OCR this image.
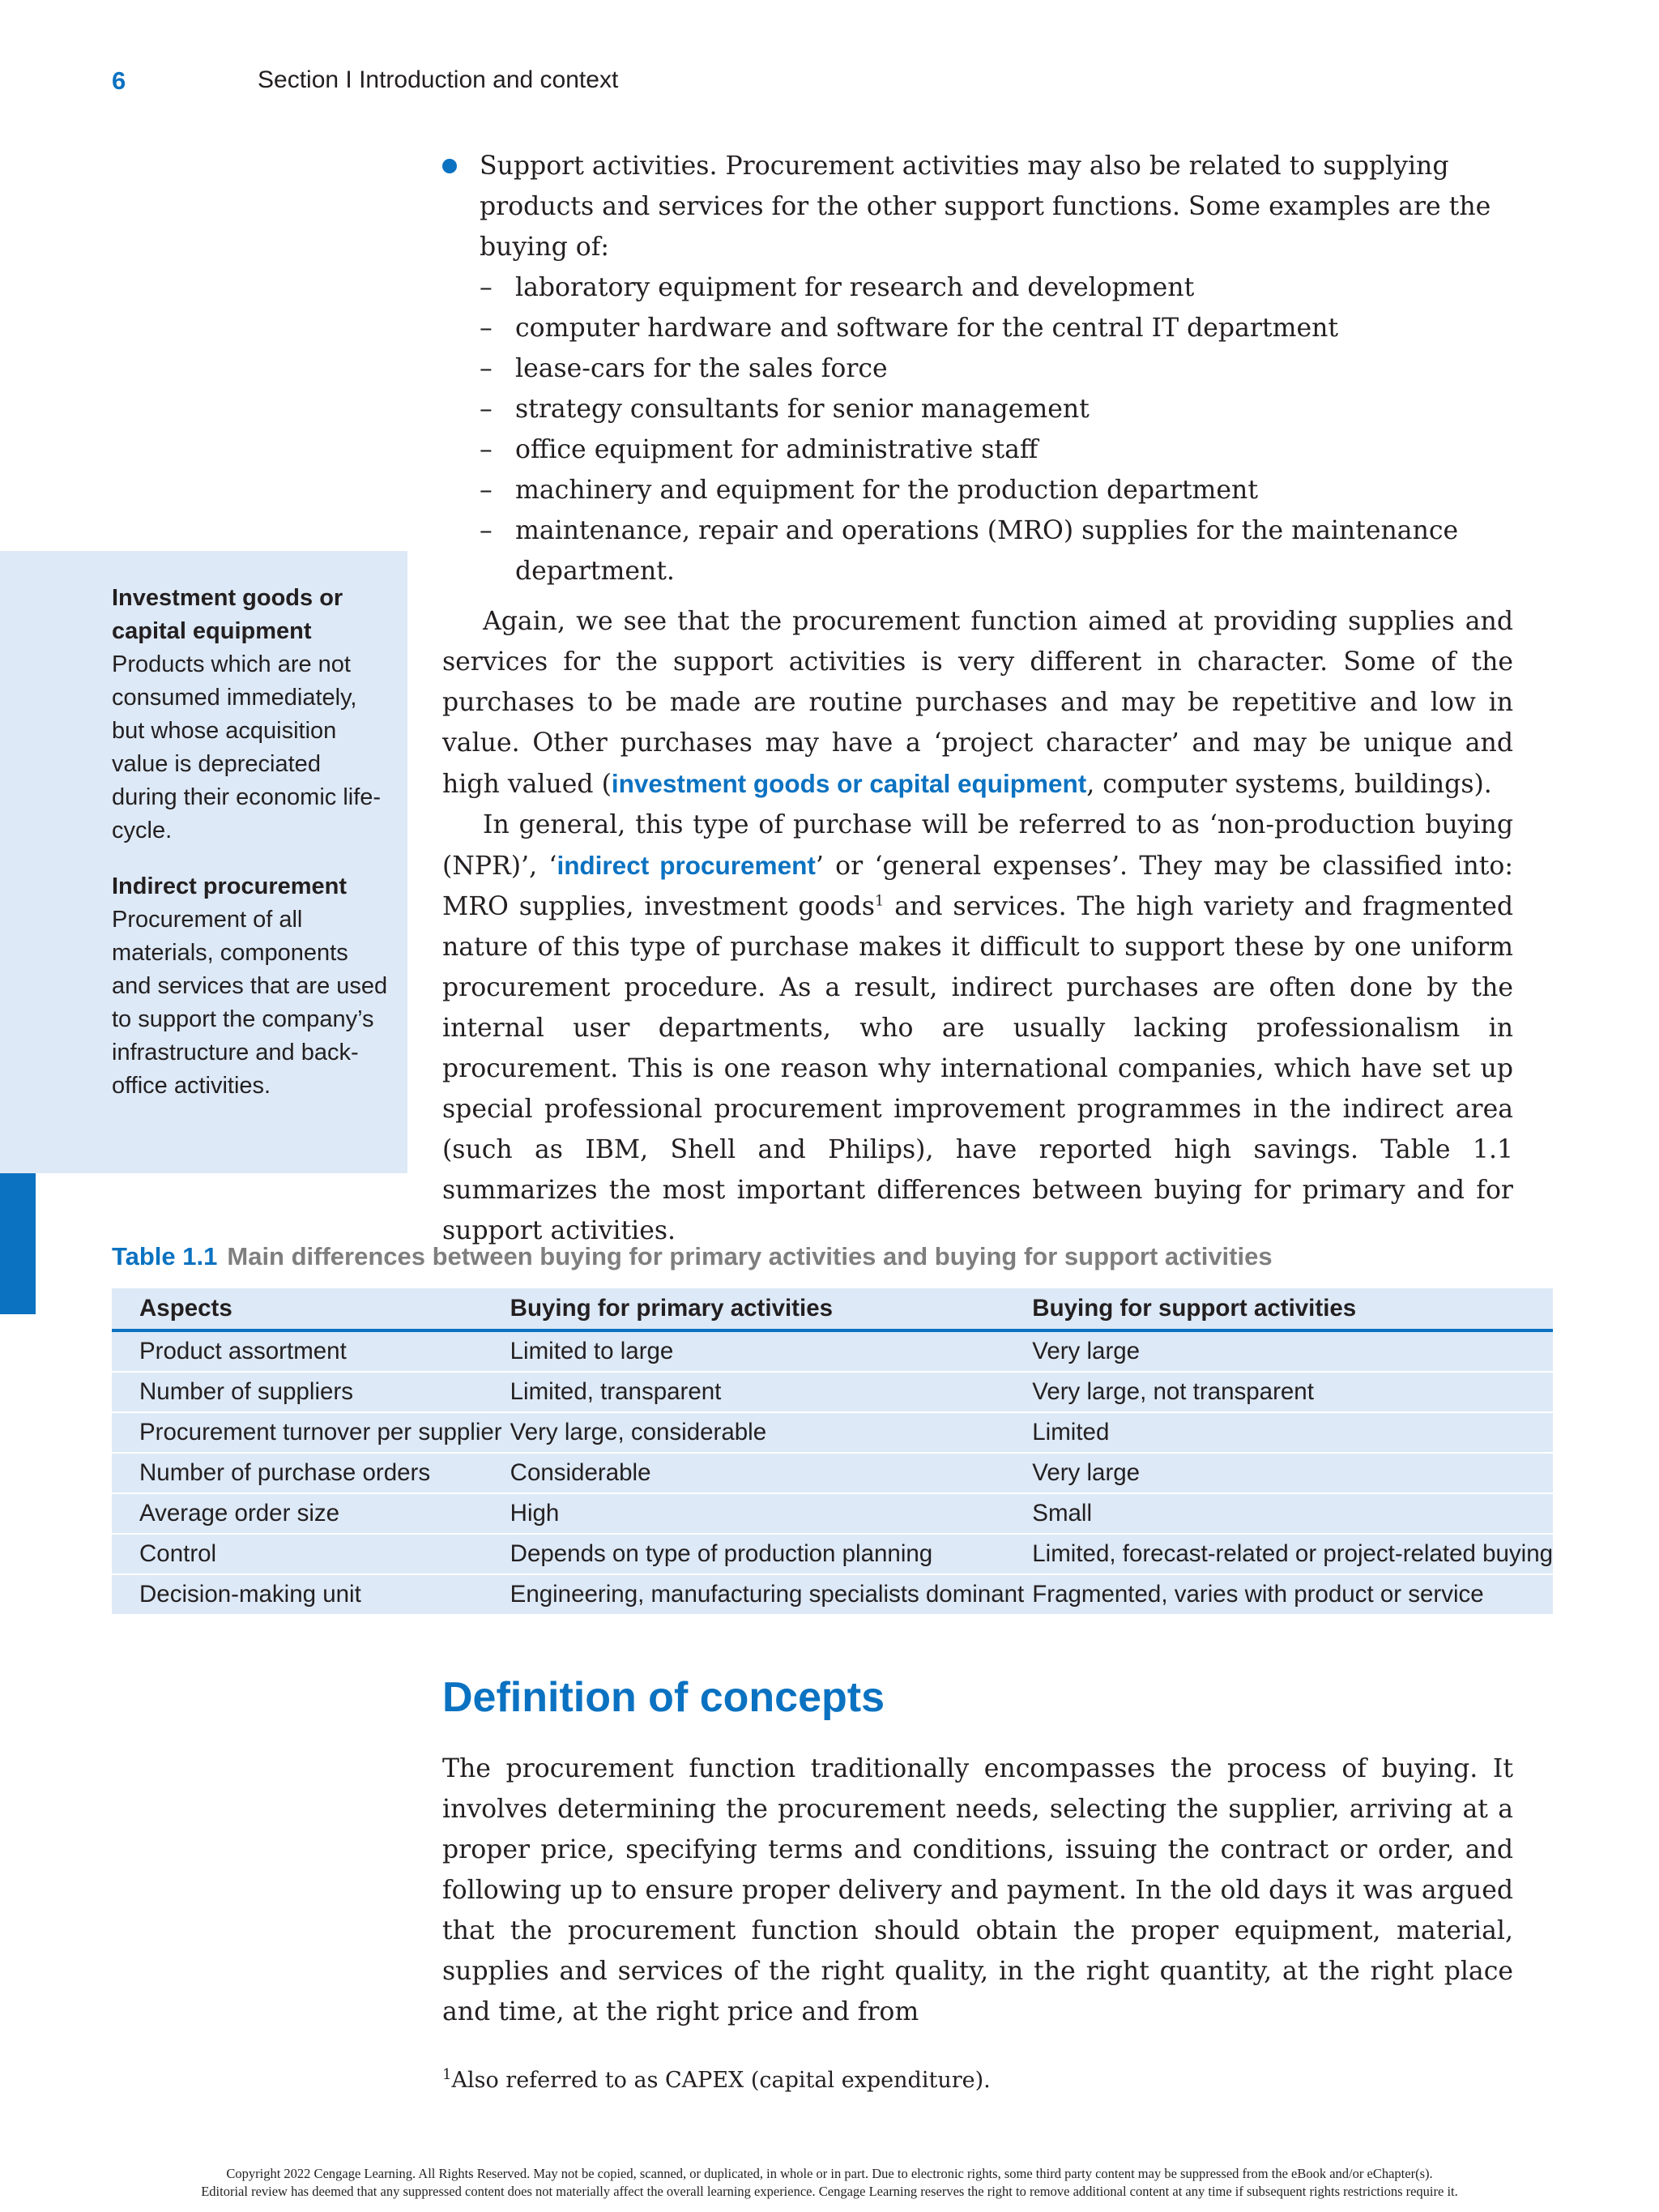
6	Section I Introduction and context

Investment goods or capital equipment

Products which are not consumed immediately, but whose acquisition value is depreciated during their economic life-cycle.

Indirect procurement

Procurement of all materials, components and services that are used to support the company’s infrastructure and back-office activities.

Support activities. Procurement activities may also be related to supplying products and services for the other support functions. Some examples are the buying of:

– laboratory equipment for research and development
– computer hardware and software for the central IT department
– lease-cars for the sales force
– strategy consultants for senior management
– office equipment for administrative staff
– machinery and equipment for the production department
– maintenance, repair and operations (MRO) supplies for the maintenance department.

Again, we see that the procurement function aimed at providing supplies and services for the support activities is very different in character. Some of the purchases to be made are routine purchases and may be repetitive and low in value. Other purchases may have a ‘project character’ and may be unique and high valued (investment goods or capital equipment, computer systems, buildings).

In general, this type of purchase will be referred to as ‘non-production buying (NPR)’, ‘indirect procurement’ or ‘general expenses’. They may be classified into: MRO supplies, investment goods$^1$ and services. The high variety and fragmented nature of this type of purchase makes it difficult to support these by one uniform procurement procedure. As a result, indirect purchases are often done by the internal user departments, who are usually lacking professionalism in procurement. This is one reason why international companies, which have set up special professional procurement improvement programmes in the indirect area (such as IBM, Shell and Philips), have reported high savings. Table 1.1 summarizes the most important differences between buying for primary and for support activities.

Table 1.1 Main differences between buying for primary activities and buying for support activities

Aspects	Buying for primary activities	Buying for support activities
Product assortment	Limited to large	Very large
Number of suppliers	Limited, transparent	Very large, not transparent
Procurement turnover per supplier	Very large, considerable	Limited
Number of purchase orders	Considerable	Very large
Average order size	High	Small
Control	Depends on type of production planning	Limited, forecast-related or project-related buying
Decision-making unit	Engineering, manufacturing specialists dominant	Fragmented, varies with product or service
Definition of concepts

The procurement function traditionally encompasses the process of buying. It involves determining the procurement needs, selecting the supplier, arriving at a proper price, specifying terms and conditions, issuing the contract or order, and following up to ensure proper delivery and payment. In the old days it was argued that the procurement function should obtain the proper equipment, material, supplies and services of the right quality, in the right quantity, at the right place and time, at the right price and from

$^1$Also referred to as CAPEX (capital expenditure).

Copyright 2022 Cengage Learning. All Rights Reserved. May not be copied, scanned, or duplicated, in whole or in part. Due to electronic rights, some third party content may be suppressed from the eBook and/or eChapter(s).
Editorial review has deemed that any suppressed content does not materially affect the overall learning experience. Cengage Learning reserves the right to remove additional content at any time if subsequent rights restrictions require it.
